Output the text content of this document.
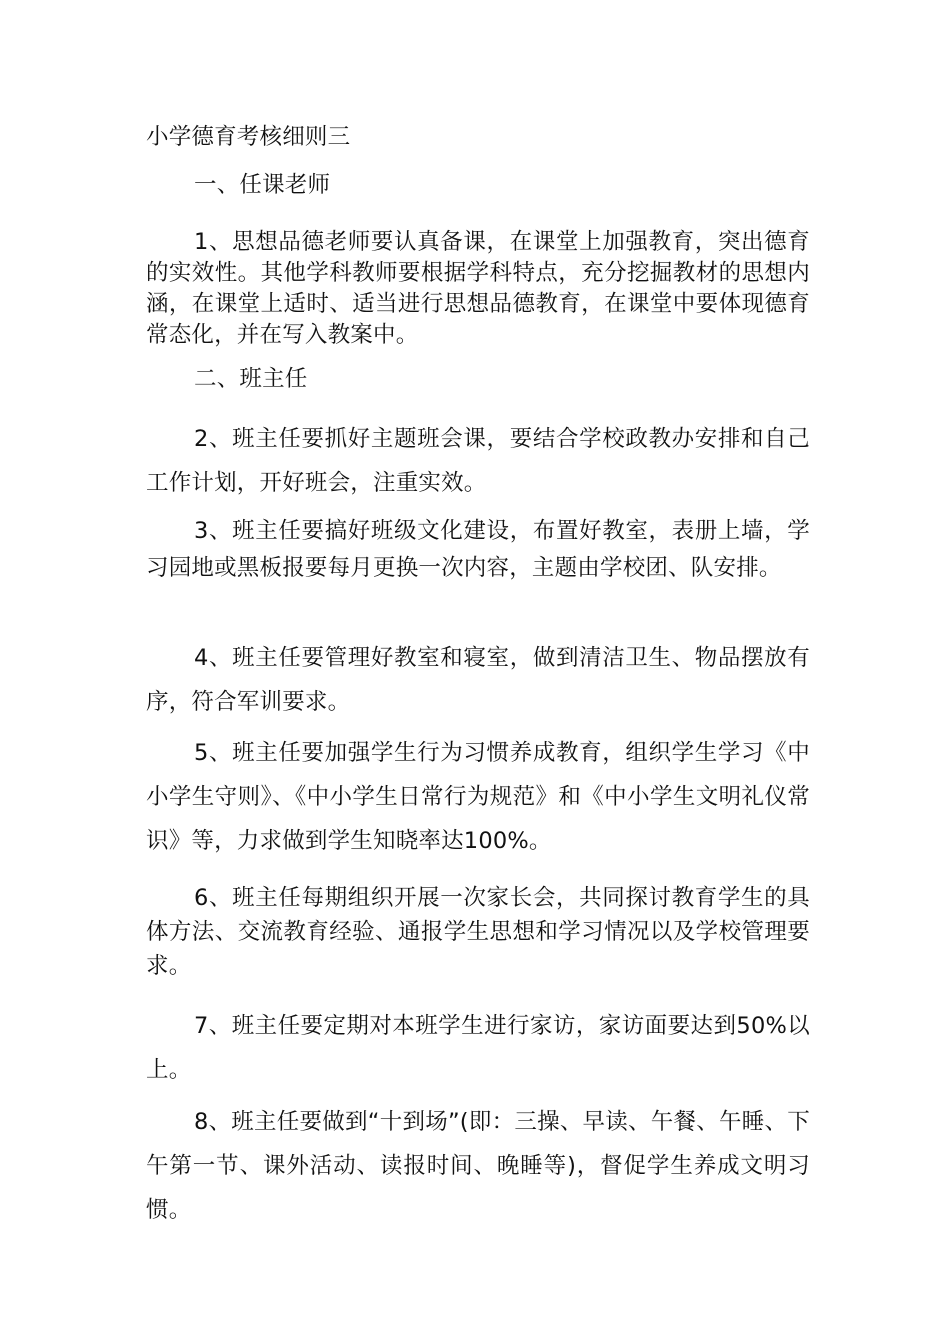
小学德育考核细则三
一、任课老师

1、思想品德老师要认真备课，在课堂上加强教育，突出德育的实效性。其他学科教师要根据学科特点，充分挖掘教材的思想内涵，在课堂上适时、适当进行思想品德教育，在课堂中要体现德育常态化，并在写入教案中。

二、班主任

2、班主任要抓好主题班会课，要结合学校政教办安排和自己工作计划，开好班会，注重实效。

3、班主任要搞好班级文化建设，布置好教室，表册上墙，学习园地或黑板报要每月更换一次内容，主题由学校团、队安排。

4、班主任要管理好教室和寝室，做到清洁卫生、物品摆放有序，符合军训要求。

5、班主任要加强学生行为习惯养成教育，组织学生学习《中小学生守则》、《中小学生日常行为规范》和《中小学生文明礼仪常识》等，力求做到学生知晓率达100%。

6、班主任每期组织开展一次家长会，共同探讨教育学生的具体方法、交流教育经验、通报学生思想和学习情况以及学校管理要求。

7、班主任要定期对本班学生进行家访，家访面要达到50%以上。

8、班主任要做到“十到场”(即：三操、早读、午餐、午睡、下午第一节、课外活动、读报时间、晚睡等)，督促学生养成文明习惯。
